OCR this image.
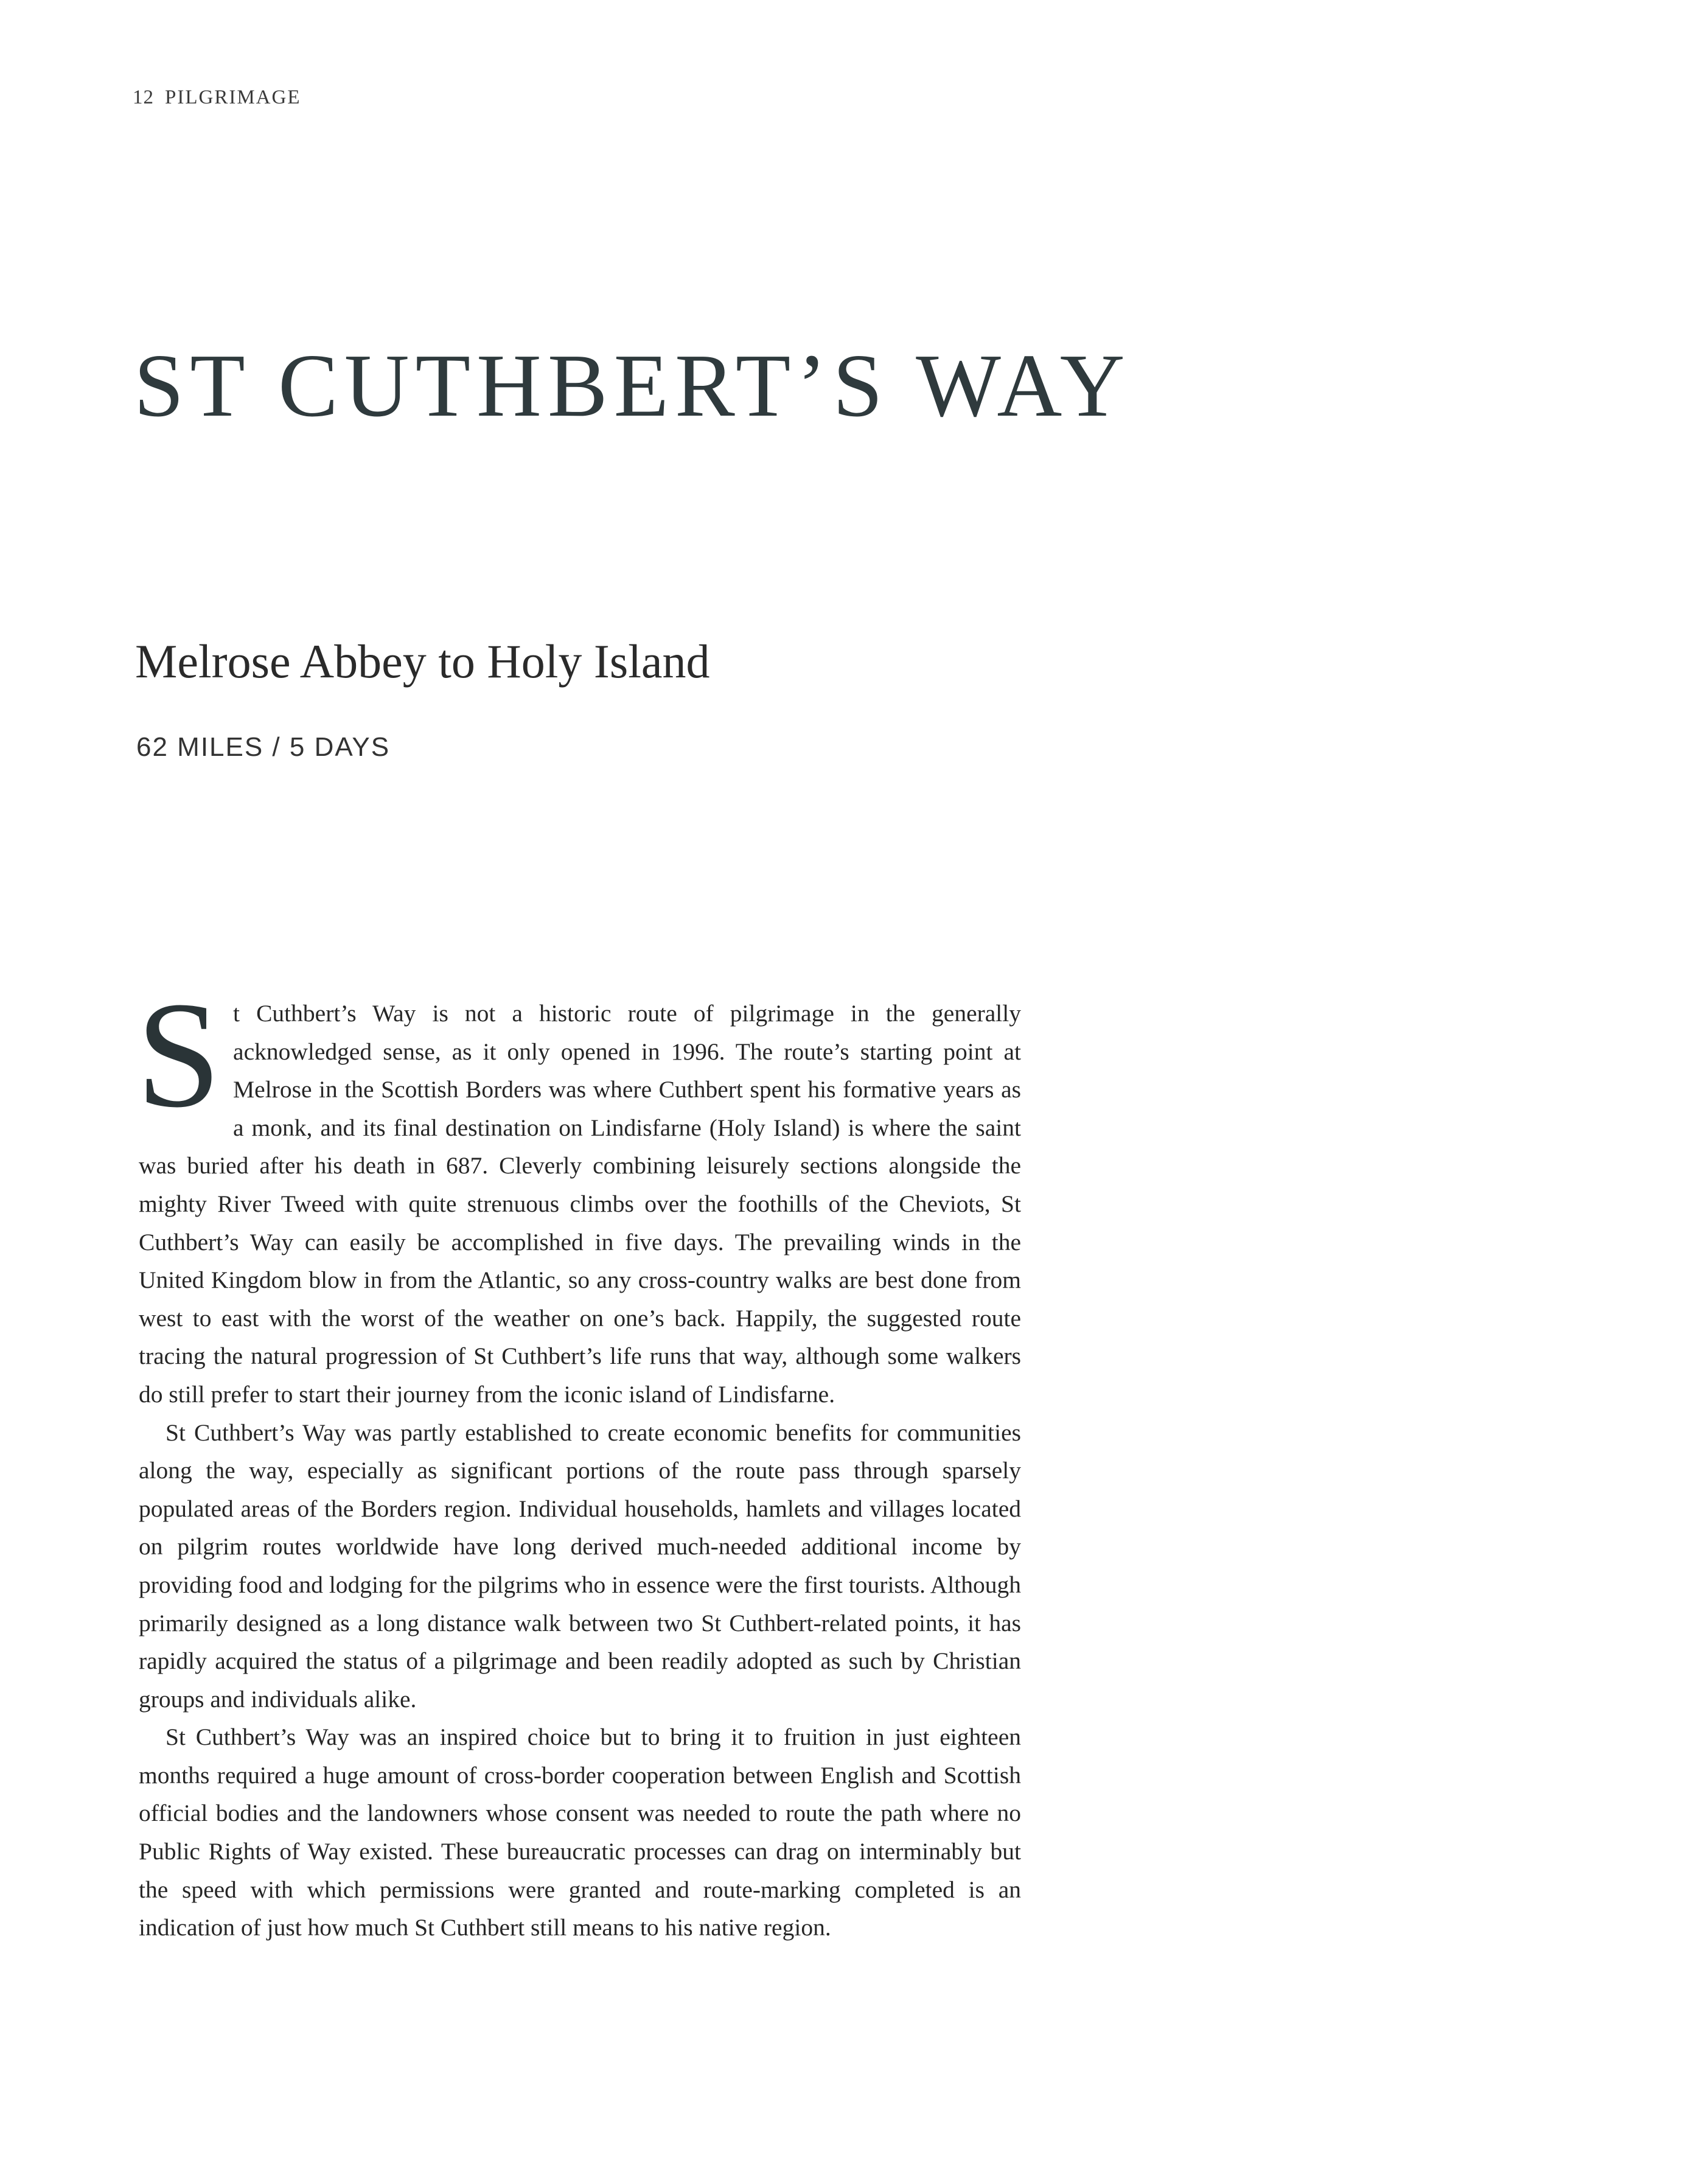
12 PILGRIMAGE
ST CUTHBERT’S WAY
Melrose Abbey to Holy Island
62 MILES / 5 DAYS

St Cuthbert’s Way is not a historic route of pilgrimage in the generally acknowledged sense, as it only opened in 1996. The route’s starting point at Melrose in the Scottish Borders was where Cuthbert spent his formative years as a monk, and its final destination on Lindisfarne (Holy Island) is where the saint was buried after his death in 687. Cleverly combining leisurely sections alongside the mighty River Tweed with quite strenuous climbs over the foothills of the Cheviots, St Cuthbert’s Way can easily be accomplished in five days. The prevailing winds in the United Kingdom blow in from the Atlantic, so any cross-country walks are best done from west to east with the worst of the weather on one’s back. Happily, the suggested route tracing the natural progression of St Cuthbert’s life runs that way, although some walkers do still prefer to start their journey from the iconic island of Lindisfarne.

St Cuthbert’s Way was partly established to create economic benefits for communities along the way, especially as significant portions of the route pass through sparsely populated areas of the Borders region. Individual households, hamlets and villages located on pilgrim routes worldwide have long derived much-needed additional income by providing food and lodging for the pilgrims who in essence were the first tourists. Although primarily designed as a long distance walk between two St Cuthbert-related points, it has rapidly acquired the status of a pilgrimage and been readily adopted as such by Christian groups and individuals alike.

St Cuthbert’s Way was an inspired choice but to bring it to fruition in just eighteen months required a huge amount of cross-border cooperation between English and Scottish official bodies and the landowners whose consent was needed to route the path where no Public Rights of Way existed. These bureaucratic processes can drag on interminably but the speed with which permissions were granted and route-marking completed is an indication of just how much St Cuthbert still means to his native region.
